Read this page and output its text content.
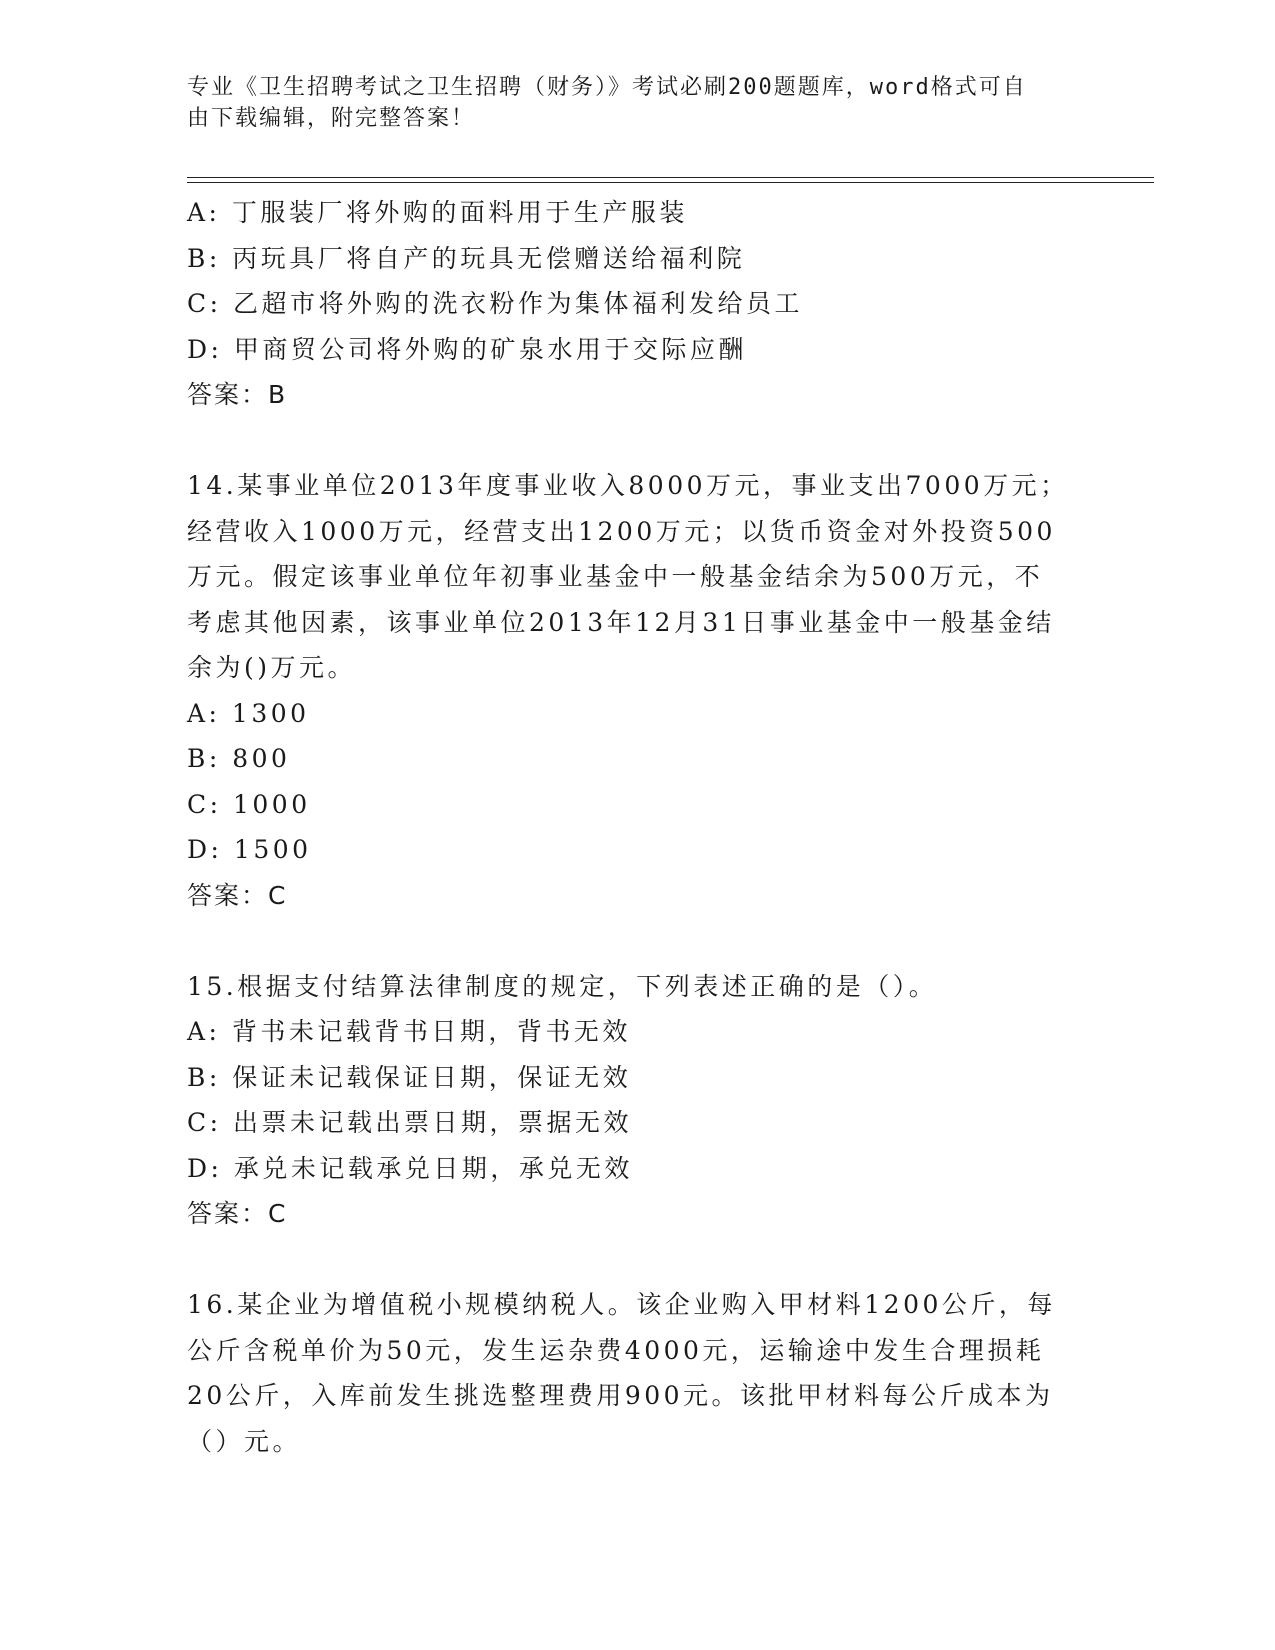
专业《卫生招聘考试之卫生招聘（财务）》考试必刷200题题库，word格式可自
由下载编辑，附完整答案！
A: 丁服装厂将外购的面料用于生产服装
B: 丙玩具厂将自产的玩具无偿赠送给福利院
C: 乙超市将外购的洗衣粉作为集体福利发给员工
D: 甲商贸公司将外购的矿泉水用于交际应酬
答案：B
14.某事业单位2013年度事业收入8000万元，事业支出7000万元；
经营收入1000万元，经营支出1200万元；以货币资金对外投资500
万元。假定该事业单位年初事业基金中一般基金结余为500万元，不
考虑其他因素，该事业单位2013年12月31日事业基金中一般基金结
余为()万元。
A: 1300
B: 800
C: 1000
D: 1500
答案：C
15.根据支付结算法律制度的规定，下列表述正确的是（）。
A: 背书未记载背书日期，背书无效
B: 保证未记载保证日期，保证无效
C: 出票未记载出票日期，票据无效
D: 承兑未记载承兑日期，承兑无效
答案：C
16.某企业为增值税小规模纳税人。该企业购入甲材料1200公斤，每
公斤含税单价为50元，发生运杂费4000元，运输途中发生合理损耗
20公斤，入库前发生挑选整理费用900元。该批甲材料每公斤成本为
（）元。
